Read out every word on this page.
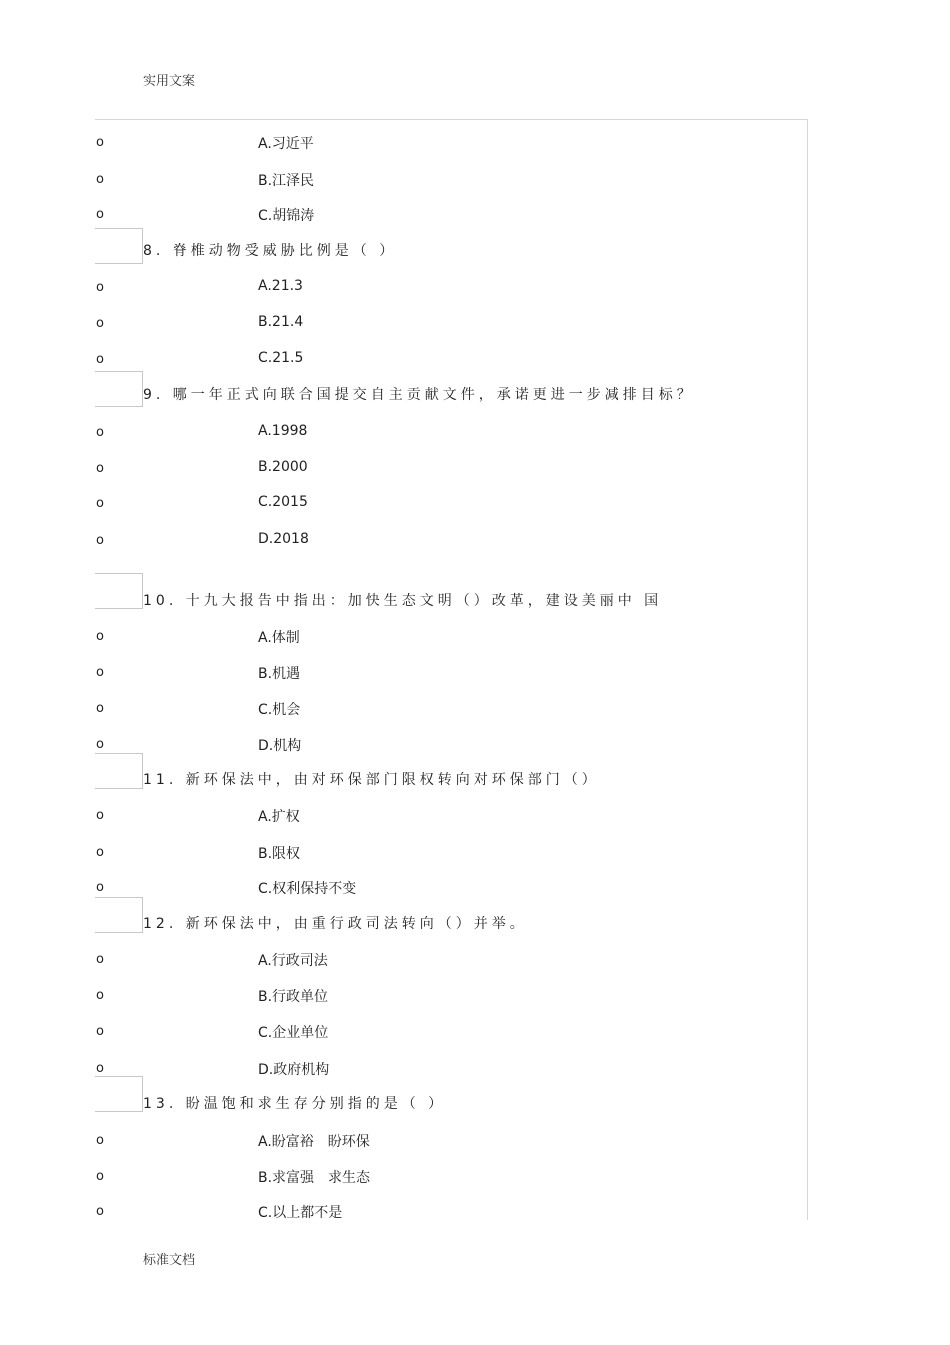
实用文案
o	A.习近平
o	B.江泽民
o	C.胡锦涛
8. 脊椎动物受威胁比例是（ ）
o	A.21.3
o	B.21.4
o	C.21.5
9. 哪一年正式向联合国提交自主贡献文件，承诺更进一步减排目标？
o	A.1998
o	B.2000
o	C.2015
o	D.2018
10. 十九大报告中指出：加快生态文明（）改革，建设美丽中 国
o	A.体制
o	B.机遇
o	C.机会
o	D.机构
11. 新环保法中，由对环保部门限权转向对环保部门（）
o	A.扩权
o	B.限权
o	C.权利保持不变
12. 新环保法中，由重行政司法转向（）并举。
o	A.行政司法
o	B.行政单位
o	C.企业单位
o	D.政府机构
13. 盼温饱和求生存分别指的是（ ）
o	A.盼富裕　盼环保
o	B.求富强　求生态
o	C.以上都不是
标准文档
